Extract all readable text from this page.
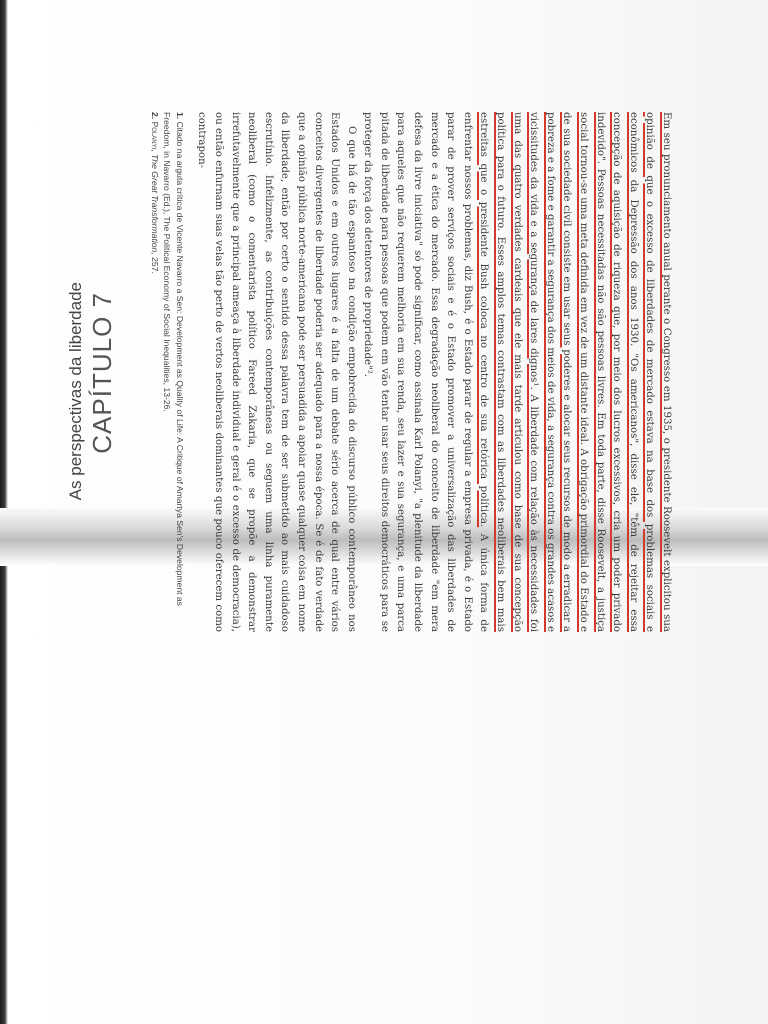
CAPÍTULO 7
As perspectivas da liberdade	Em seu pronunciamento anual perante o Congresso em 1935, o presidente Roosevelt explicitou sua opinião de que o excesso de liberdades de mercado estava na base dos problemas sociais e econômicos da Depressão dos anos 1930. "Os americanos", disse ele, "têm de rejeitar essa concepção de aquisição de riqueza que, por meio dos lucros excessivos, cria um poder privado indevido". Pessoas necessitadas não são pessoas livres. Em toda parte, disse Roosevelt, a justiça social tornou-se uma meta definida em vez de um distante ideal. A obrigação primordial do Estado e de sua sociedade civil consiste em usar seus poderes e alocar seus recursos de modo a erradicar a pobreza e a fome e garantir a segurança dos meios de vida, a segurança contra os grandes acasos e vicissitudes da vida e a segurança de lares dignos¹. A liberdade com relação às necessidades foi uma das quatro verdades cardeais que ele mais tarde articulou como base de sua concepção política para o futuro. Esses amplos temas contrastam com as liberdades neoliberais bem mais estreitas que o presidente Bush coloca no centro de sua retórica política. A única forma de enfrentar nossos problemas, diz Bush, é o Estado parar de regular a empresa privada, é o Estado parar de prover serviços sociais e é o Estado promover a universalização das liberdades de mercado e a ética do mercado. Essa degradação neoliberal do conceito de liberdade "em mera defesa da livre iniciativa" só pode significar, como assinala Karl Polanyi, "a plenitude da liberdade para aqueles que não requerem melhoria em sua renda, seu lazer e sua segurança, e uma parca pitada de liberdade para pessoas que podem em vão tentar usar seus direitos democráticos para se proteger da força dos detentores de propriedade"².

O que há de tão espantoso na condição empobrecida do discurso público contemporâneo nos Estados Unidos e em outros lugares é a falta de um debate sério acerca de qual entre vários conceitos divergentes de liberdade poderia ser adequado para a nossa época. Se é de fato verdade que a opinião pública norte-americana pode ser persuadida a apoiar quase qualquer coisa em nome da liberdade, então por certo o sentido dessa palavra tem de ser submetido ao mais cuidadoso escrutínio. Infelizmente, as contribuições contemporâneas ou seguem uma linha puramente neoliberal (como o comentarista político Fareed Zakaria, que se propõe a demonstrar irrefutavelmente que a principal ameaça à liberdade individual e geral é o excesso de democracia), ou então enfurnam suas velas tão perto de vertos neoliberais dominantes que pouco oferecem como contrapon-

1. Citado na arguta crítica de Vicente Navarro a Sen: Development as Quality of Life: A Critique of Amartya Sen's Development as Freedom, in Navarro (Ed.), The Political Economy of Social Inequalities, 13-26.

2. Polanyi, The Great Transformation, 257.
